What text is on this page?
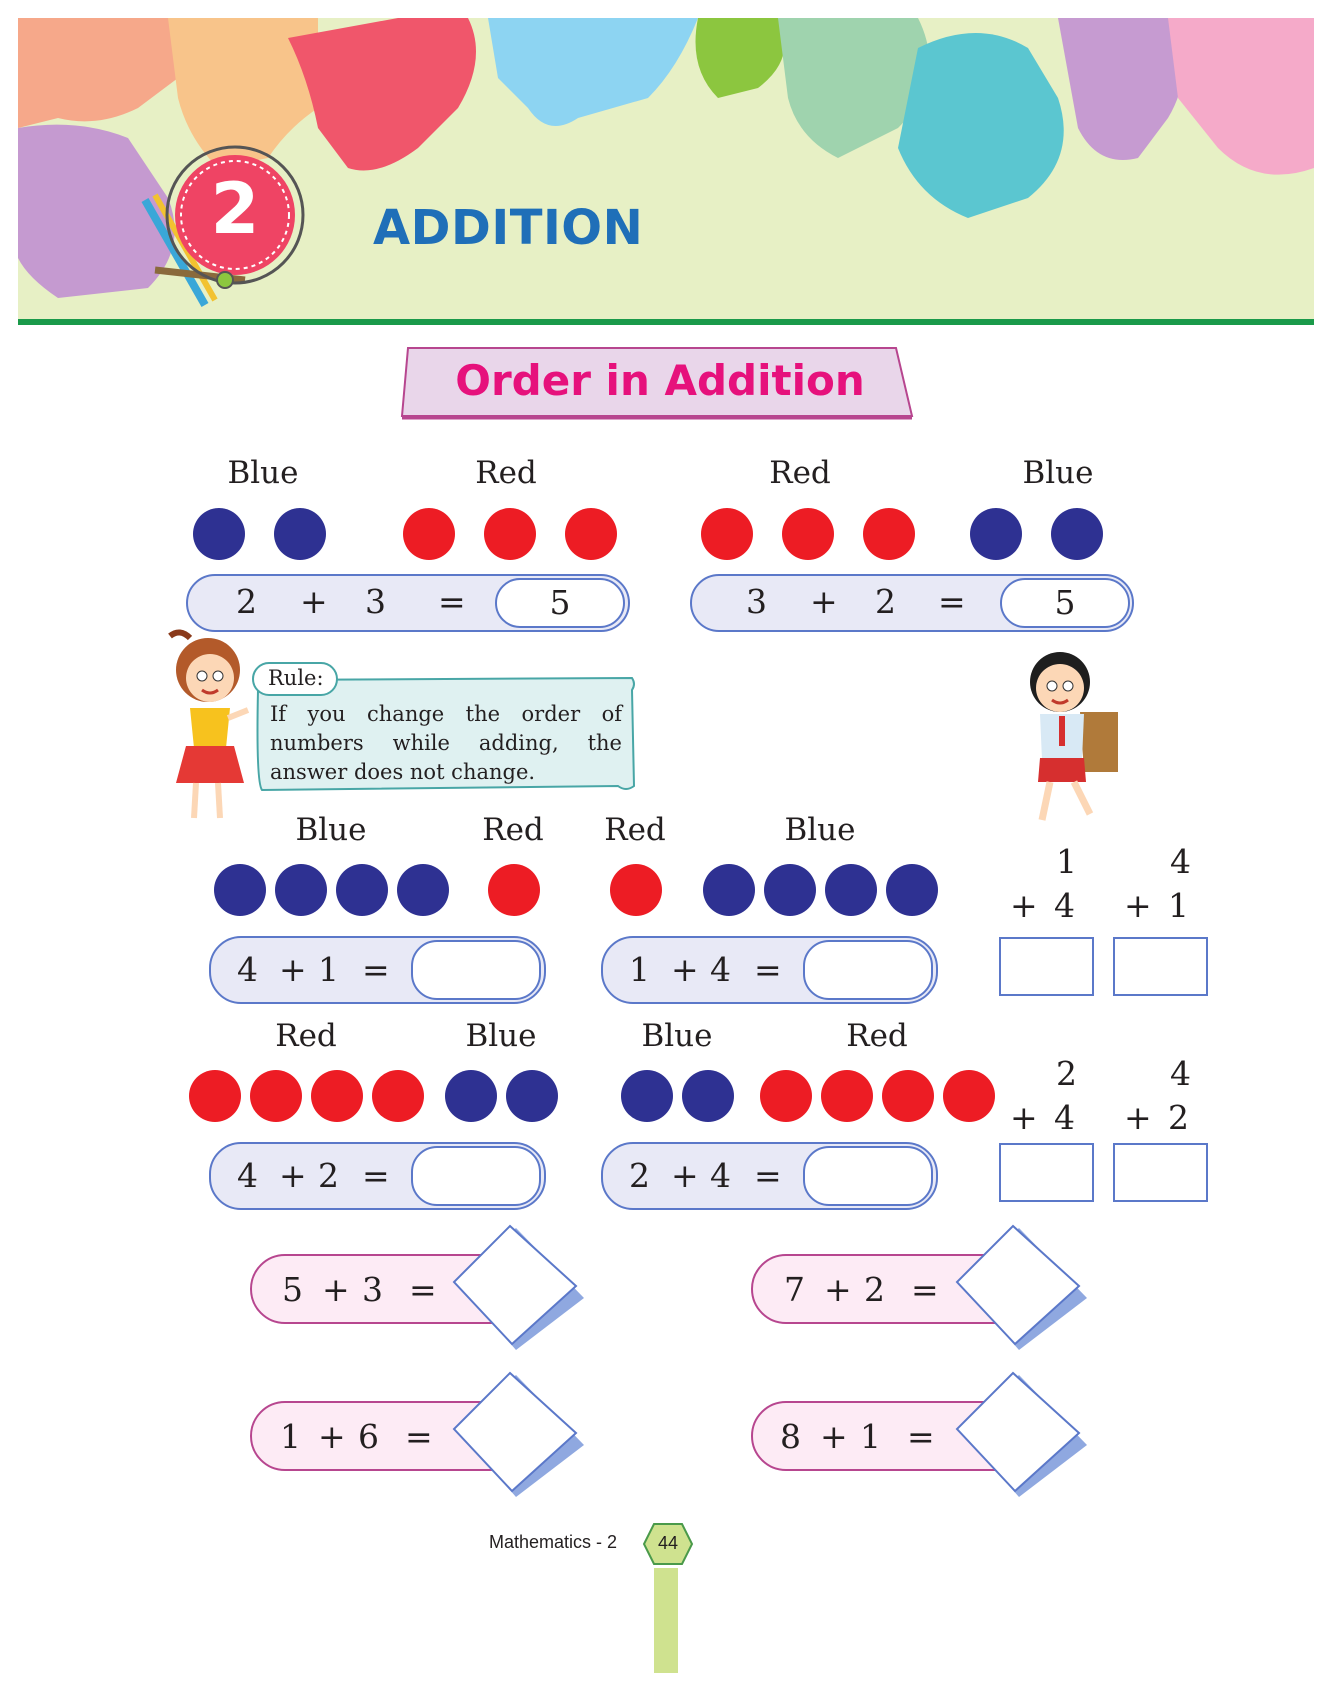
2	ADDITION
Order in Addition
Blue	Red	Red	Blue
2 + 3 =	5	3 + 2 =	5
Rule:
If you change the order of numbers while adding, the answer does not change.
Blue	Red	Red	Blue
4 + 1 =	1 + 4 =
1
+ 4
4
+ 1
Red	Blue	Blue	Red
4 + 2 =	2 + 4 =
2
+ 4
4
+ 2
5 + 3 =	7 + 2 =
1 + 6 =	8 + 1 =
Mathematics - 2	44
